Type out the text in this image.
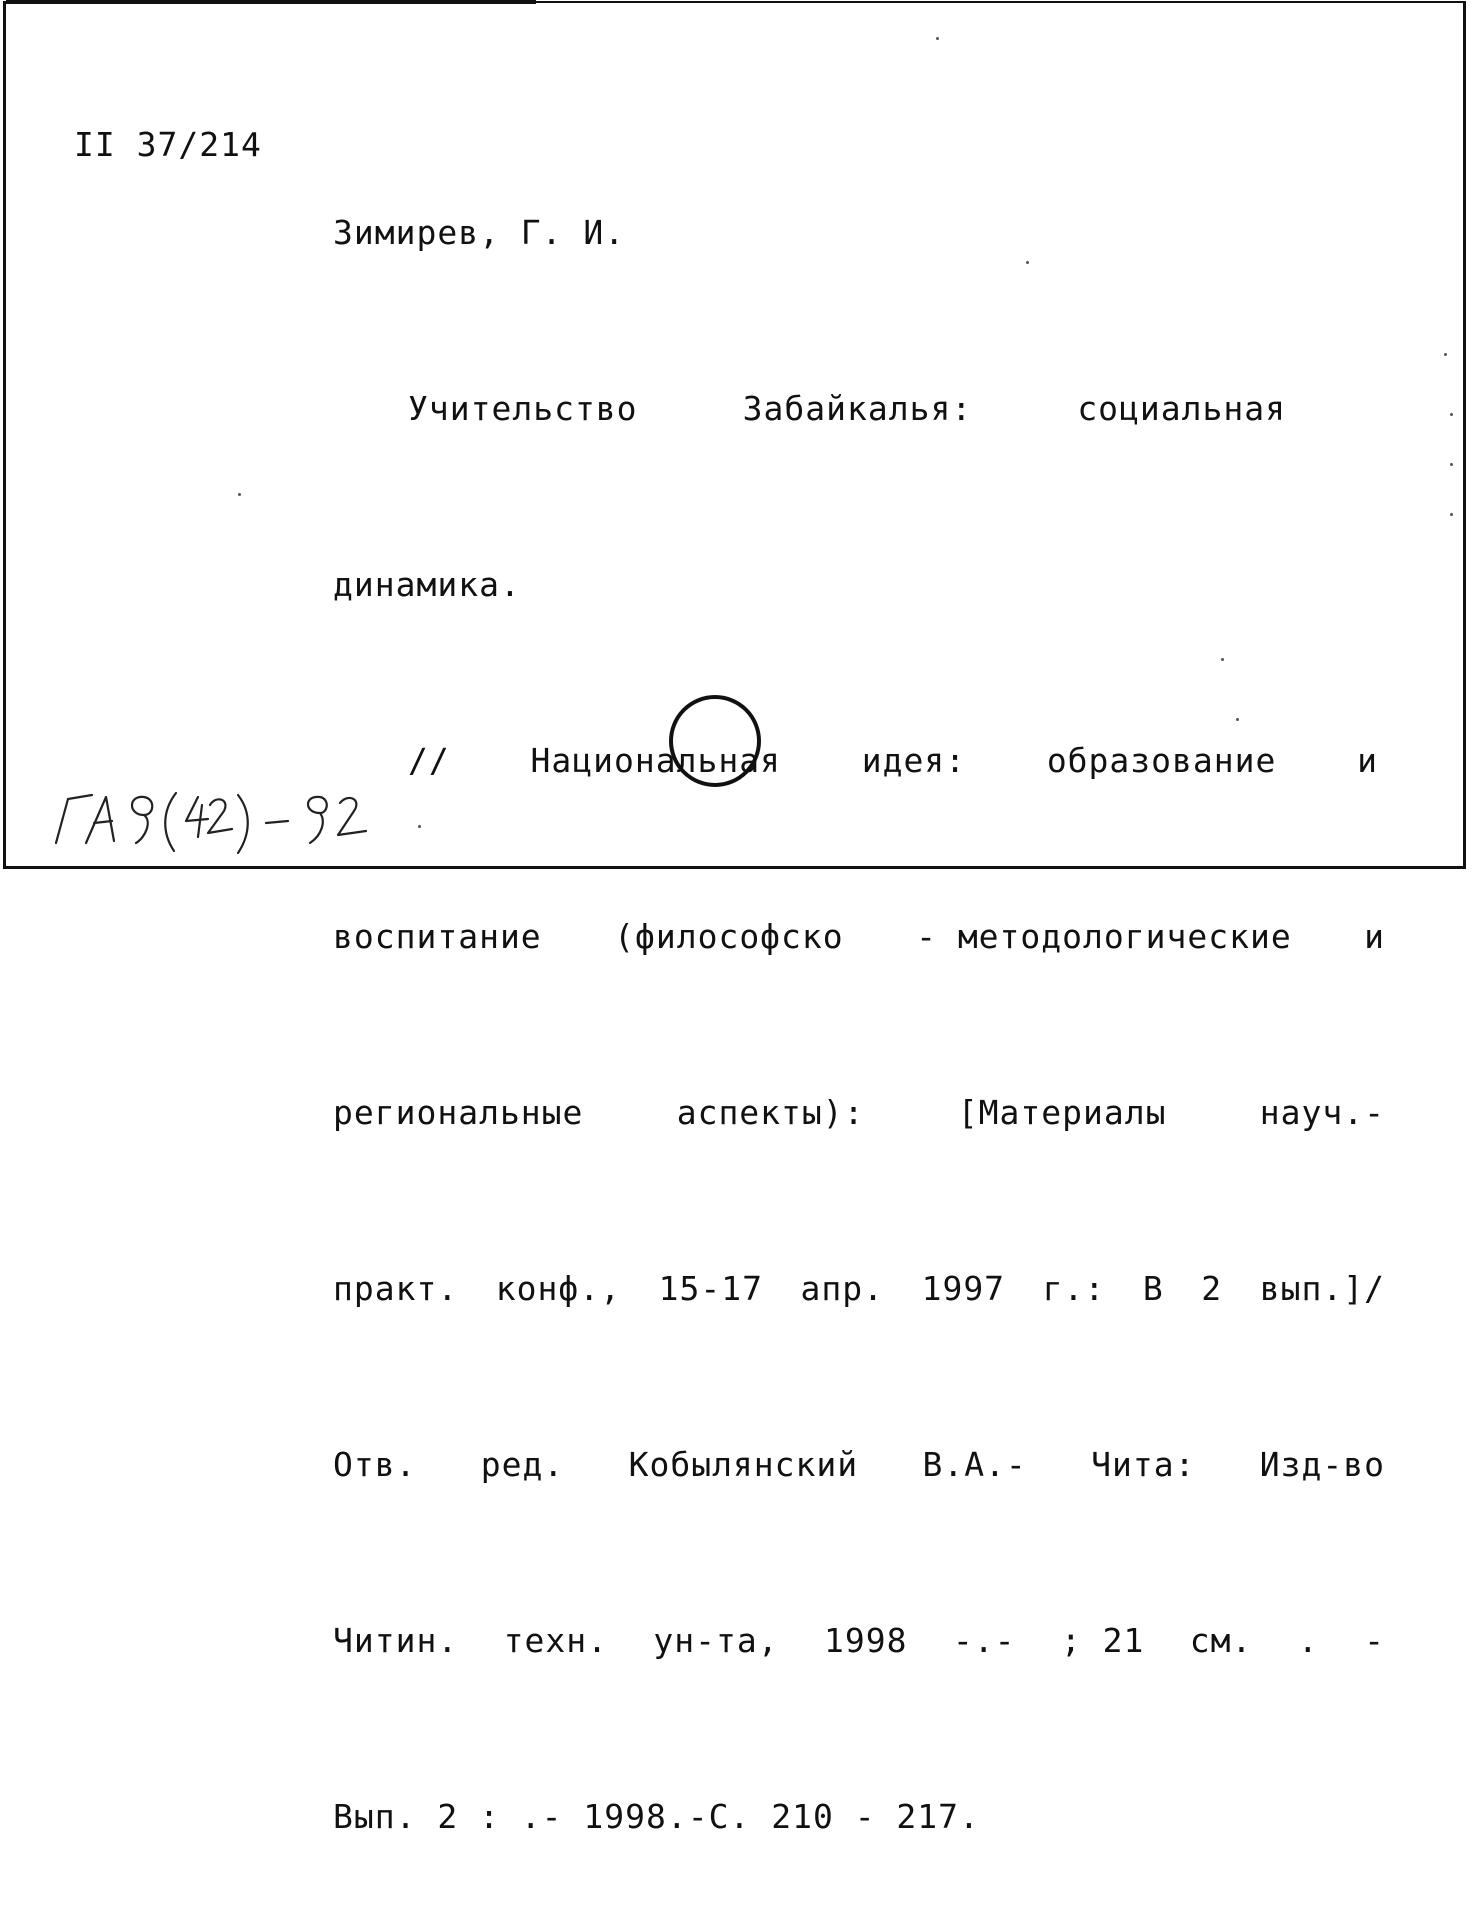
II 37/214

Зимирев, Г. И.

Учительство	Забайкалья:	социальная

динамика.

// Национальная идея: образование и

воспитание (философско - методологические и

региональные	аспекты):	[Материалы	науч.-

практ. конф., 15-17 апр. 1997 г.: В 2 вып.]/

Отв. ред. Кобылянский В.А.- Чита: Изд-во

Читин. техн. ун-та, 1998 -.- ; 21 см. . -

Вып. 2 : .- 1998.-С. 210 - 217.
